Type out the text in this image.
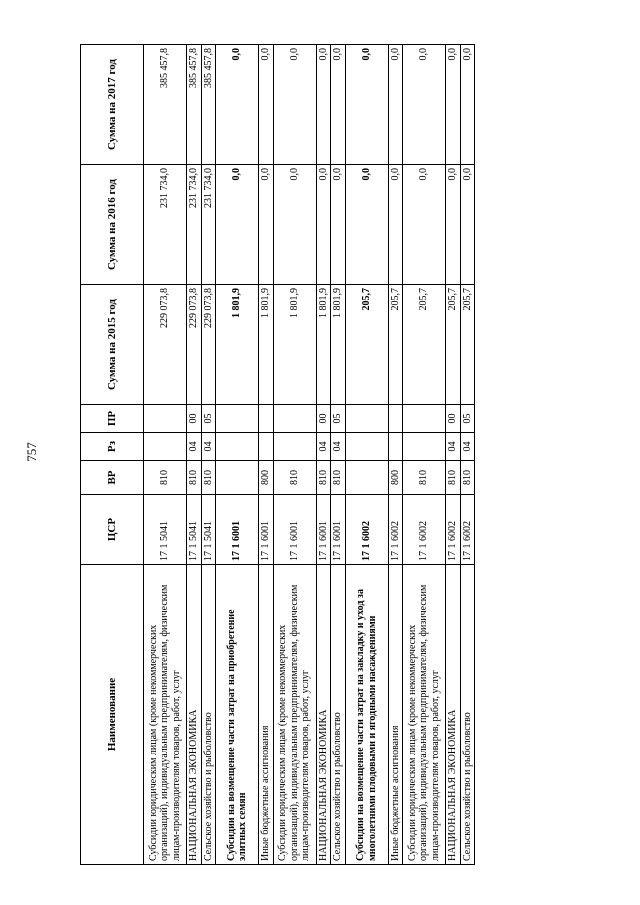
757
Наименование	ЦСР	ВР	Рз	ПР	Сумма на 2015 год	Сумма на 2016 год	Сумма на 2017 год
Субсидии юридическим лицам (кроме некоммерческих организаций), индивидуальным предпринимателям, физическим лицам-производителям товаров, работ, услуг	17 1 5041	810			229 073,8	231 734,0	385 457,8
НАЦИОНАЛЬНАЯ ЭКОНОМИКА	17 1 5041	810	04	00	229 073,8	231 734,0	385 457,8
Сельское хозяйство и рыболовство	17 1 5041	810	04	05	229 073,8	231 734,0	385 457,8
Субсидии на возмещение части затрат на приобретение элитных семян	17 1 6001				1 801,9	0,0	0,0
Иные бюджетные ассигнования	17 1 6001	800			1 801,9	0,0	0,0
Субсидии юридическим лицам (кроме некоммерческих организаций), индивидуальным предпринимателям, физическим лицам-производителям товаров, работ, услуг	17 1 6001	810			1 801,9	0,0	0,0
НАЦИОНАЛЬНАЯ ЭКОНОМИКА	17 1 6001	810	04	00	1 801,9	0,0	0,0
Сельское хозяйство и рыболовство	17 1 6001	810	04	05	1 801,9	0,0	0,0
Субсидии на возмещение части затрат на закладку и уход за многолетними плодовыми и ягодными насаждениями	17 1 6002				205,7	0,0	0,0
Иные бюджетные ассигнования	17 1 6002	800			205,7	0,0	0,0
Субсидии юридическим лицам (кроме некоммерческих организаций), индивидуальным предпринимателям, физическим лицам-производителям товаров, работ, услуг	17 1 6002	810			205,7	0,0	0,0
НАЦИОНАЛЬНАЯ ЭКОНОМИКА	17 1 6002	810	04	00	205,7	0,0	0,0
Сельское хозяйство и рыболовство	17 1 6002	810	04	05	205,7	0,0	0,0
